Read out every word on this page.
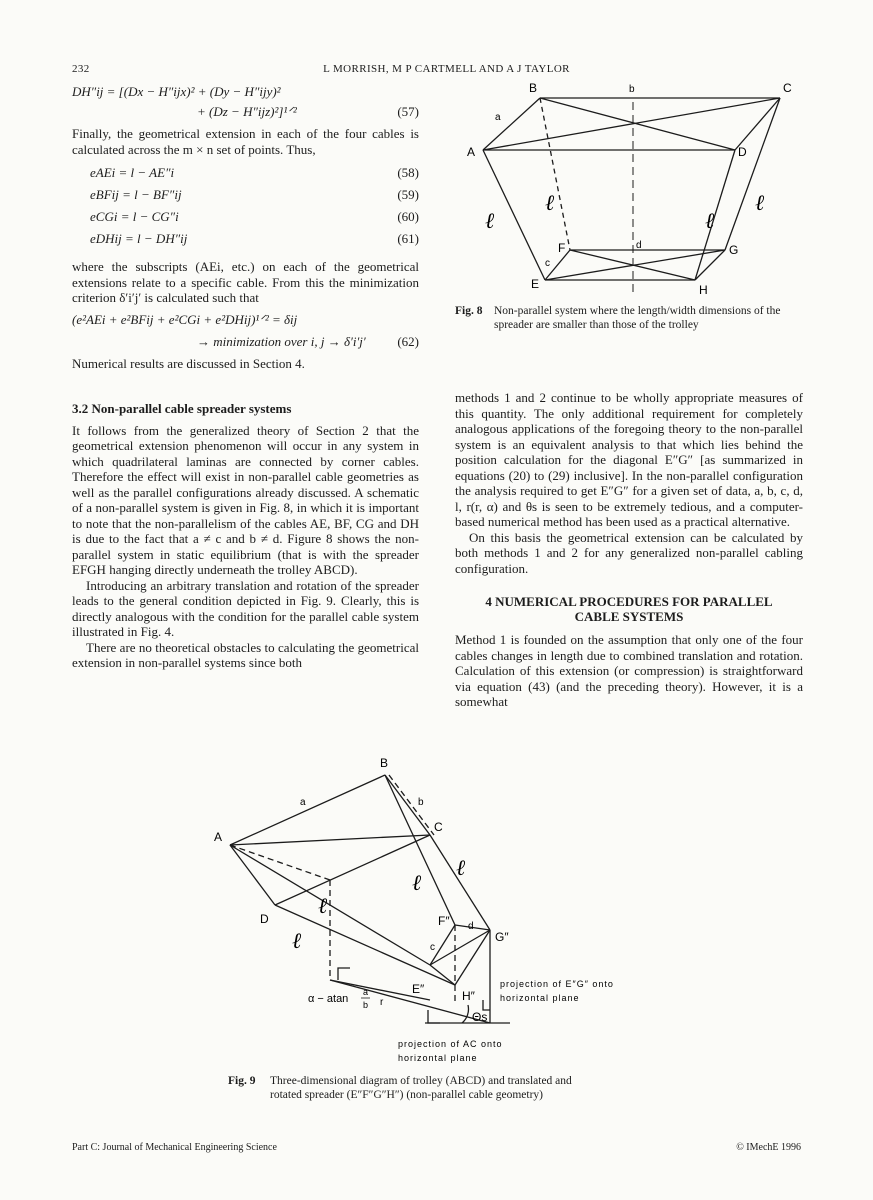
232	L MORRISH, M P CARTMELL AND A J TAYLOR
DH″ij = [(Dx − H″ijx)² + (Dy − H″ijy)²
+ (Dz − H″ijz)²]¹ᐟ²	(57)

Finally, the geometrical extension in each of the four cables is calculated across the m × n set of points. Thus,

eAEi = l − AE″i	(58)
eBFij = l − BF″ij	(59)
eCGi = l − CG″i	(60)
eDHij = l − DH″ij	(61)

where the subscripts (AEi, etc.) on each of the geometrical extensions relate to a specific cable. From this the minimization criterion δ′i′j′ is calculated such that

(e²AEi + e²BFij + e²CGi + e²DHij)¹ᐟ² = δij
→ minimization over i, j → δ′i′j′ (62)

Numerical results are discussed in Section 4.

3.2 Non-parallel cable spreader systems

It follows from the generalized theory of Section 2 that the geometrical extension phenomenon will occur in any system in which quadrilateral laminas are connected by corner cables. Therefore the effect will exist in non-parallel cable geometries as well as the parallel configurations already discussed. A schematic of a non-parallel system is given in Fig. 8, in which it is important to note that the non-parallelism of the cables AE, BF, CG and DH is due to the fact that a ≠ c and b ≠ d. Figure 8 shows the non-parallel system in static equilibrium (that is with the spreader EFGH hanging directly underneath the trolley ABCD).

Introducing an arbitrary translation and rotation of the spreader leads to the general condition depicted in Fig. 9. Clearly, this is directly analogous with the condition for the parallel cable system illustrated in Fig. 4.

There are no theoretical obstacles to calculating the geometrical extension in non-parallel systems since both

A
B	C
D
E
F	G
H
a
b
c
d
ℓ
ℓ
ℓ
ℓ
Fig. 8 Non-parallel system where the length/width dimensions of the spreader are smaller than those of the trolley

methods 1 and 2 continue to be wholly appropriate measures of this quantity. The only additional requirement for completely analogous applications of the foregoing theory to the non-parallel system is an equivalent analysis to that which lies behind the position calculation for the diagonal E″G″ [as summarized in equations (20) to (29) inclusive]. In the non-parallel configuration the analysis required to get E″G″ for a given set of data, a, b, c, d, l, r(r, α) and θs is seen to be extremely tedious, and a computer-based numerical method has been used as a practical alternative.

On this basis the geometrical extension can be calculated by both methods 1 and 2 for any generalized non-parallel cabling configuration.

4 NUMERICAL PROCEDURES FOR PARALLEL
CABLE SYSTEMS

Method 1 is founded on the assumption that only one of the four cables changes in length due to combined translation and rotation. Calculation of this extension (or compression) is straightforward via equation (43) (and the preceding theory). However, it is a somewhat

A
B
C
D
E″
F″
G″
H″
a	b
c
d
r
ℓ
ℓ
ℓ
ℓ
Θs
α − atan
a
b
projection of E″G″ onto
horizontal plane
projection of AC onto
horizontal plane
Fig. 9 Three-dimensional diagram of trolley (ABCD) and translated and
rotated spreader (E″F″G″H″) (non-parallel cable geometry)
Part C: Journal of Mechanical Engineering Science	© IMechE 1996
